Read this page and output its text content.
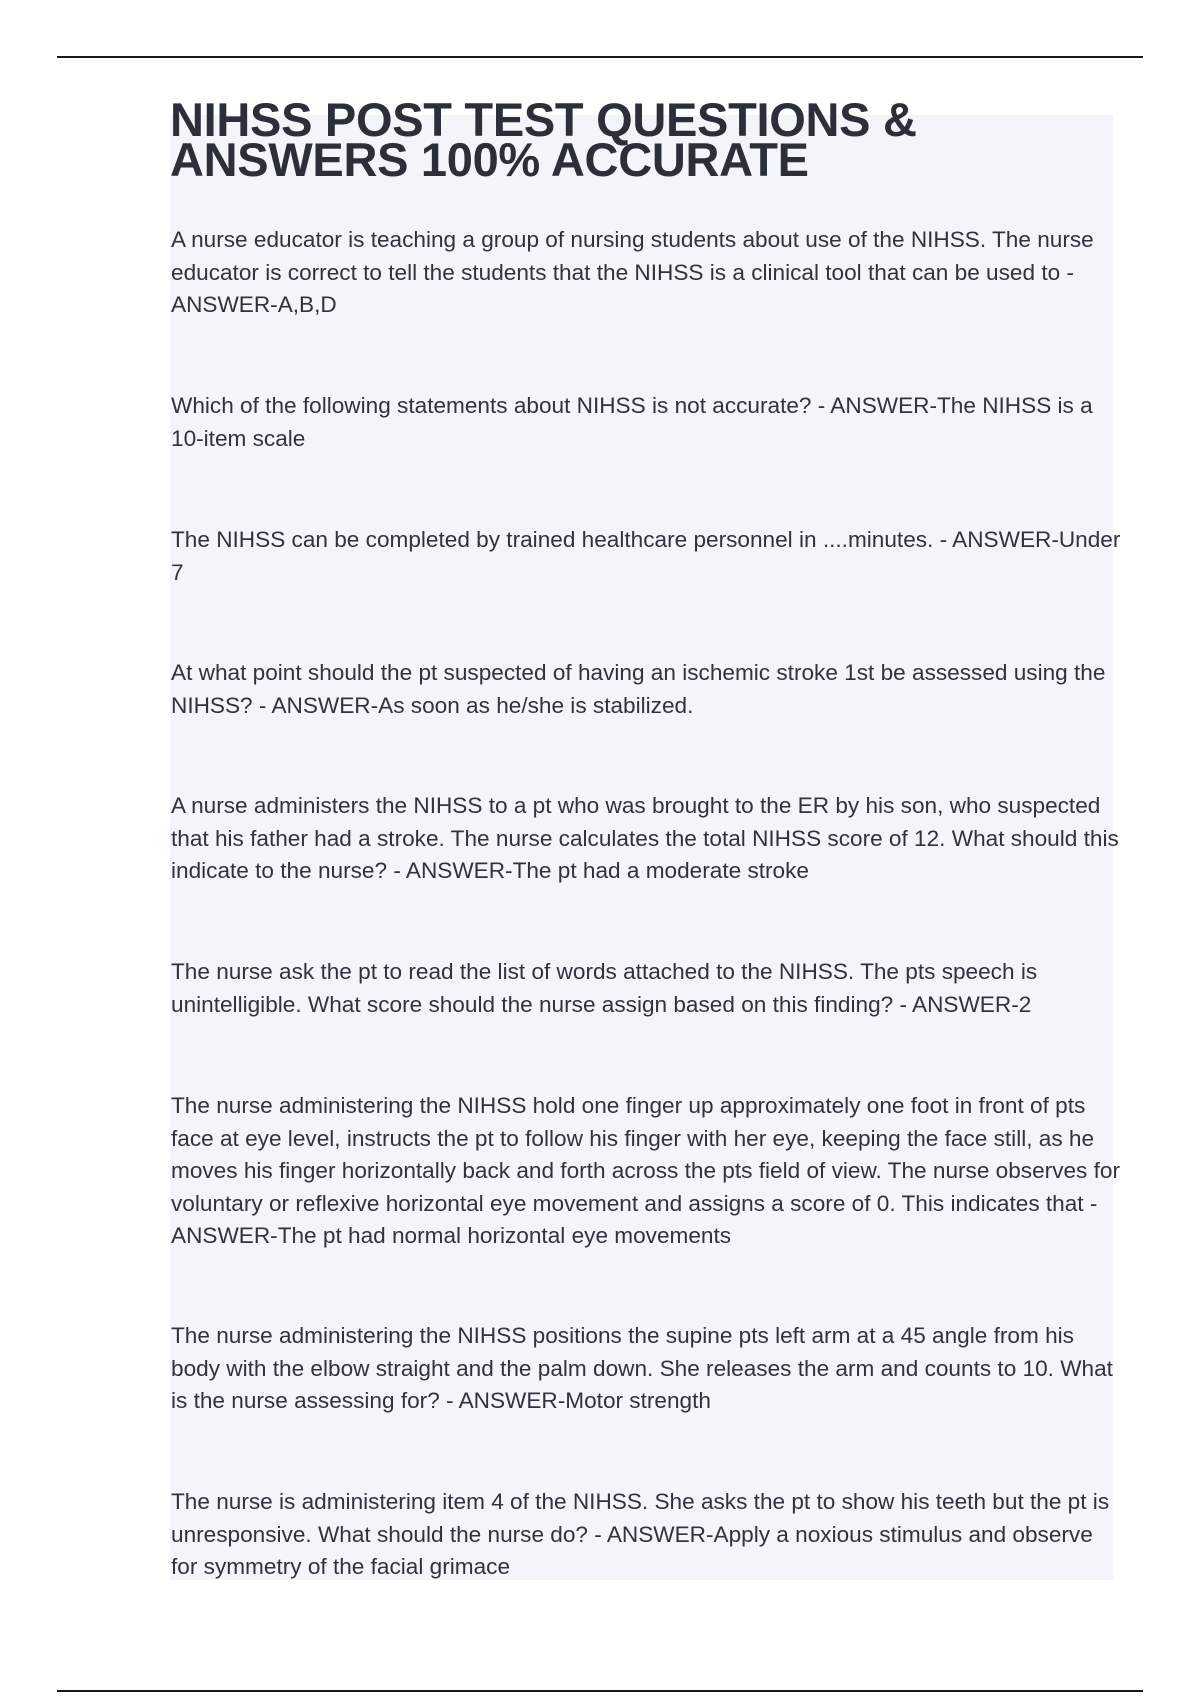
NIHSS POST TEST QUESTIONS & ANSWERS 100% ACCURATE

A nurse educator is teaching a group of nursing students about use of the NIHSS. The nurse educator is correct to tell the students that the NIHSS is a clinical tool that can be used to - ANSWER-A,B,D

Which of the following statements about NIHSS is not accurate? - ANSWER-The NIHSS is a 10-item scale

The NIHSS can be completed by trained healthcare personnel in ....minutes. - ANSWER-Under 7

At what point should the pt suspected of having an ischemic stroke 1st be assessed using the NIHSS? - ANSWER-As soon as he/she is stabilized.

A nurse administers the NIHSS to a pt who was brought to the ER by his son, who suspected that his father had a stroke. The nurse calculates the total NIHSS score of 12. What should this indicate to the nurse? - ANSWER-The pt had a moderate stroke

The nurse ask the pt to read the list of words attached to the NIHSS. The pts speech is unintelligible. What score should the nurse assign based on this finding? - ANSWER-2

The nurse administering the NIHSS hold one finger up approximately one foot in front of pts face at eye level, instructs the pt to follow his finger with her eye, keeping the face still, as he moves his finger horizontally back and forth across the pts field of view. The nurse observes for voluntary or reflexive horizontal eye movement and assigns a score of 0. This indicates that - ANSWER-The pt had normal horizontal eye movements

The nurse administering the NIHSS positions the supine pts left arm at a 45 angle from his body with the elbow straight and the palm down. She releases the arm and counts to 10. What is the nurse assessing for? - ANSWER-Motor strength

The nurse is administering item 4 of the NIHSS. She asks the pt to show his teeth but the pt is unresponsive. What should the nurse do? - ANSWER-Apply a noxious stimulus and observe for symmetry of the facial grimace
